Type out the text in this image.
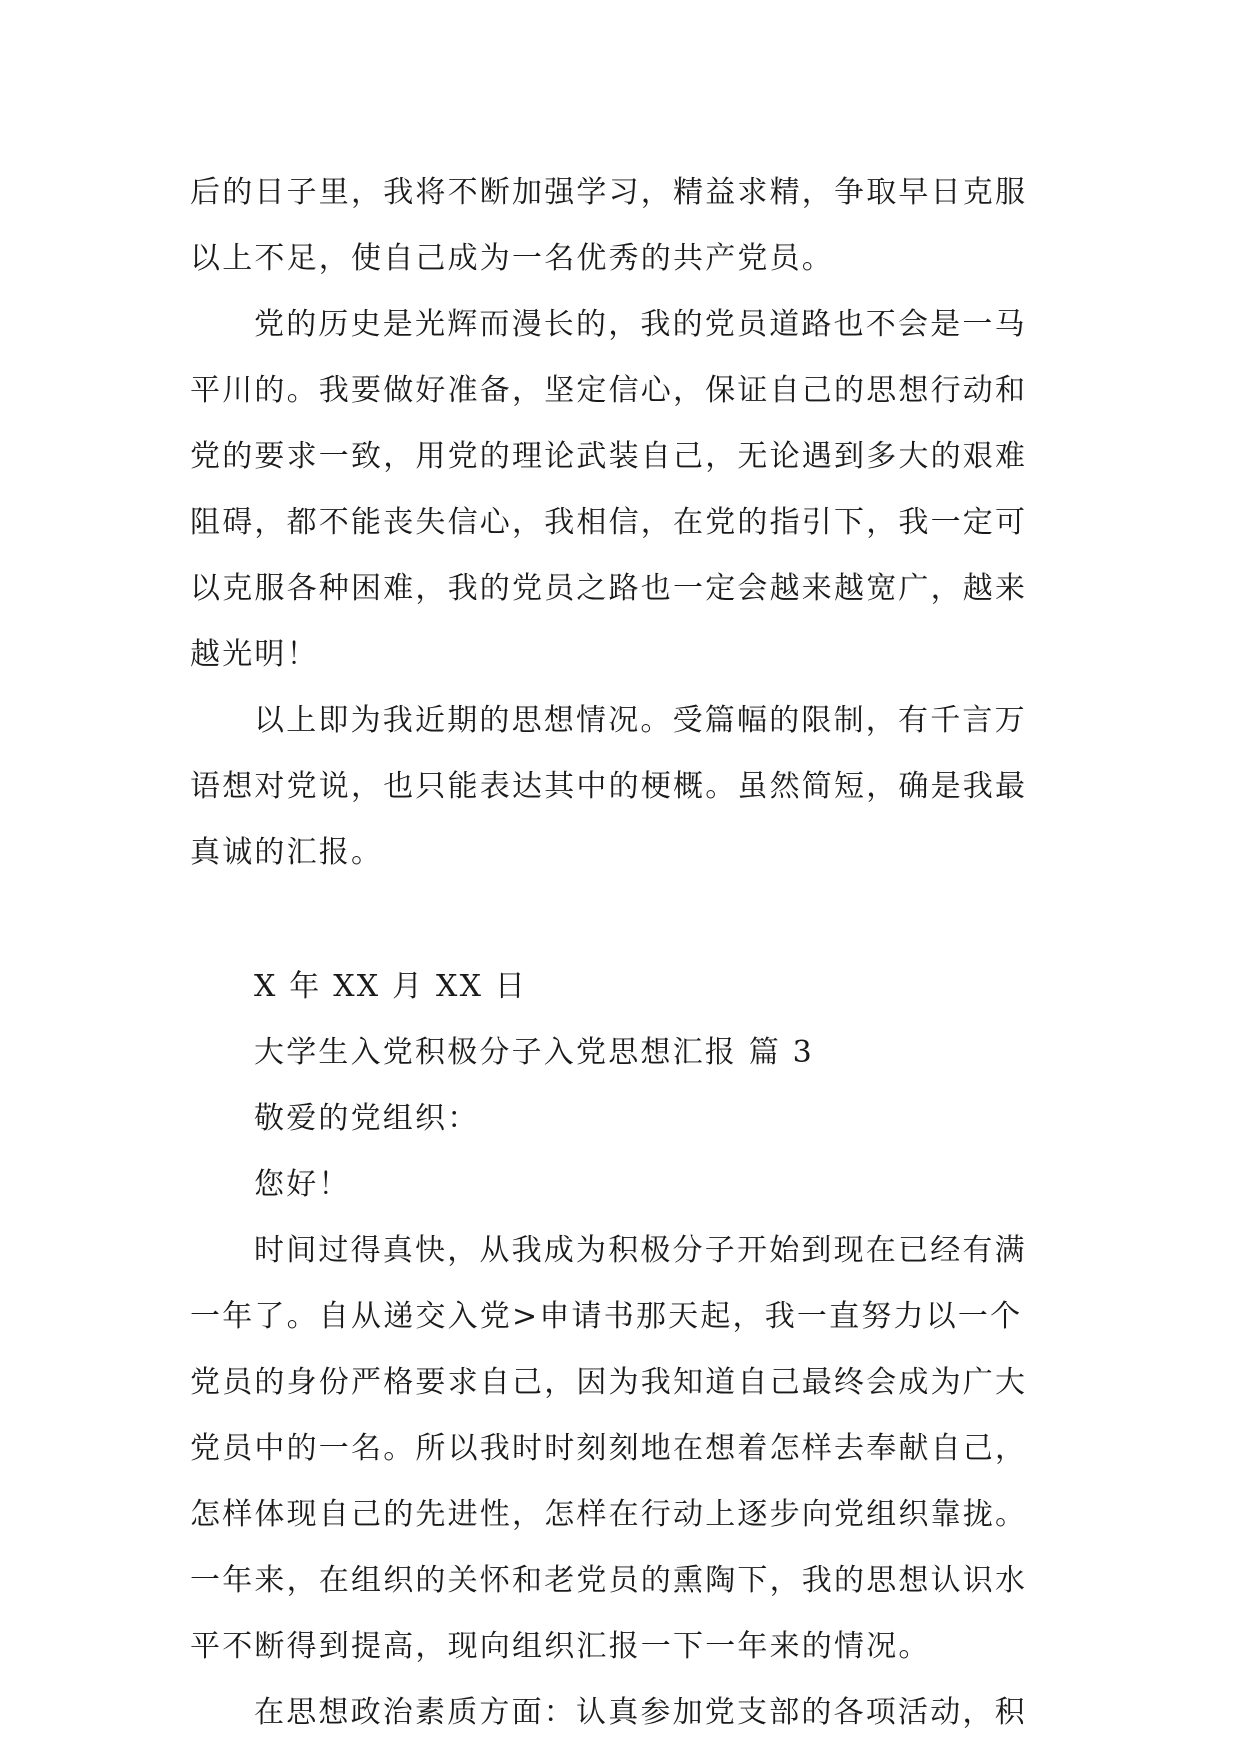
后的日子里，我将不断加强学习，精益求精，争取早日克服
以上不足，使自己成为一名优秀的共产党员。
党的历史是光辉而漫长的，我的党员道路也不会是一马
平川的。我要做好准备，坚定信心，保证自己的思想行动和
党的要求一致，用党的理论武装自己，无论遇到多大的艰难
阻碍，都不能丧失信心，我相信，在党的指引下，我一定可
以克服各种困难，我的党员之路也一定会越来越宽广，越来
越光明！
以上即为我近期的思想情况。受篇幅的限制，有千言万
语想对党说，也只能表达其中的梗概。虽然简短，确是我最
真诚的汇报。
X 年 XX 月 XX 日
大学生入党积极分子入党思想汇报 篇 3
敬爱的党组织：
您好！
时间过得真快，从我成为积极分子开始到现在已经有满
一年了。自从递交入党>申请书那天起，我一直努力以一个
党员的身份严格要求自己，因为我知道自己最终会成为广大
党员中的一名。所以我时时刻刻地在想着怎样去奉献自己，
怎样体现自己的先进性，怎样在行动上逐步向党组织靠拢。
一年来，在组织的关怀和老党员的熏陶下，我的思想认识水
平不断得到提高，现向组织汇报一下一年来的情况。
在思想政治素质方面：认真参加党支部的各项活动，积
